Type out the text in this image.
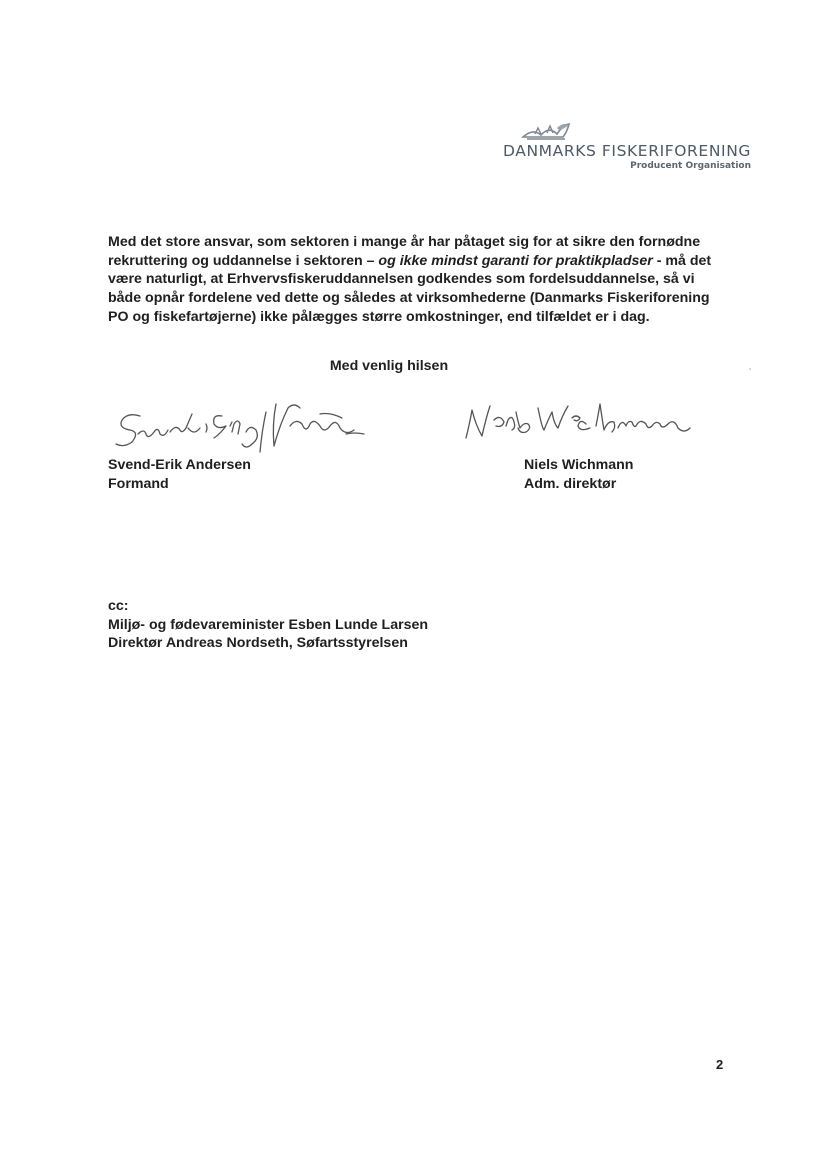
DANMARKS FISKERIFORENING
Producent Organisation

Med det store ansvar, som sektoren i mange år har påtaget sig for at sikre den fornødne rekruttering og uddannelse i sektoren – og ikke mindst garanti for praktikpladser - må det være naturligt, at Erhvervsfiskeruddannelsen godkendes som fordelsuddannelse, så vi både opnår fordelene ved dette og således at virksomhederne (Danmarks Fiskeriforening PO og fiskefartøjerne) ikke pålægges større omkostninger, end tilfældet er i dag.

Med venlig hilsen
Svend-Erik Andersen
Formand
Niels Wichmann
Adm. direktør
cc:
Miljø- og fødevareminister Esben Lunde Larsen
Direktør Andreas Nordseth, Søfartsstyrelsen
2
